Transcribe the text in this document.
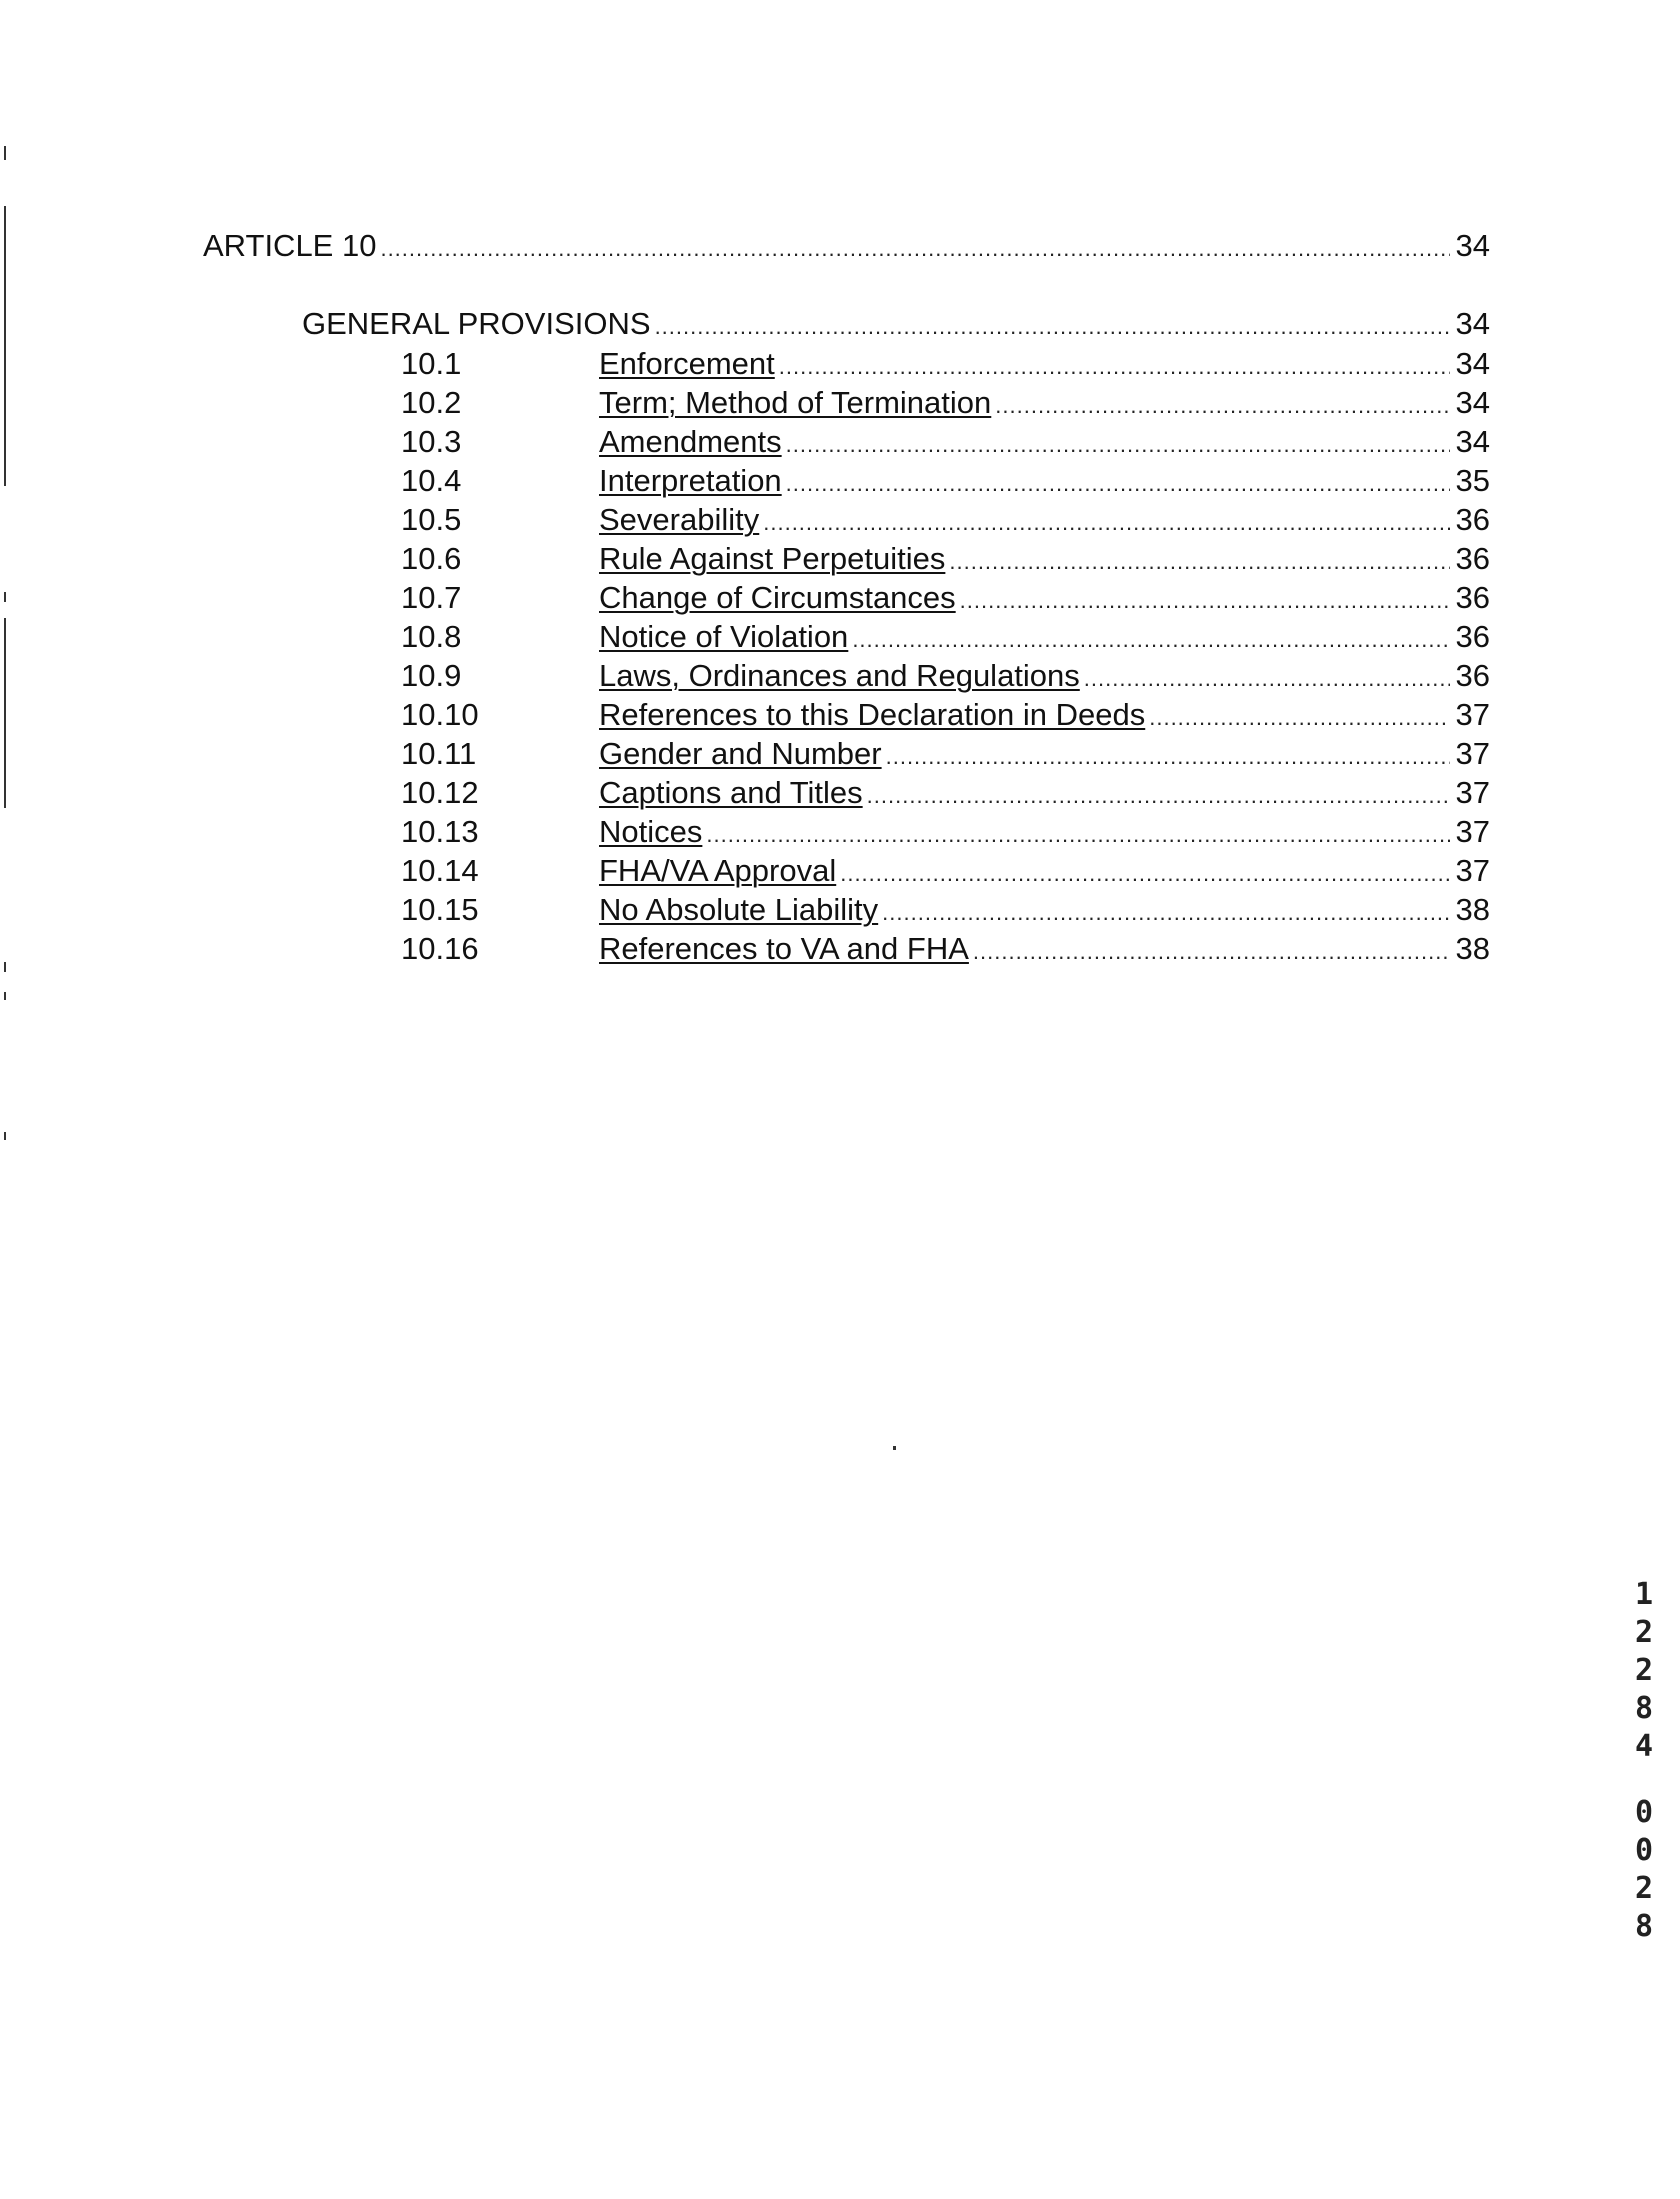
ARTICLE 10 .....	34
GENERAL PROVISIONS .....	34
10.1	Enforcement .....	34
10.2	Term; Method of Termination .....	34
10.3	Amendments .....	34
10.4	Interpretation .....	35
10.5	Severability .....	36
10.6	Rule Against Perpetuities .....	36
10.7	Change of Circumstances .....	36
10.8	Notice of Violation .....	36
10.9	Laws, Ordinances and Regulations .....	36
10.10	References to this Declaration in Deeds .....	37
10.11	Gender and Number .....	37
10.12	Captions and Titles .....	37
10.13	Notices .....	37
10.14	FHA/VA Approval .....	37
10.15	No Absolute Liability .....	38
10.16	References to VA and FHA .....	38
1
2
2
8
4
0
0
2
8
